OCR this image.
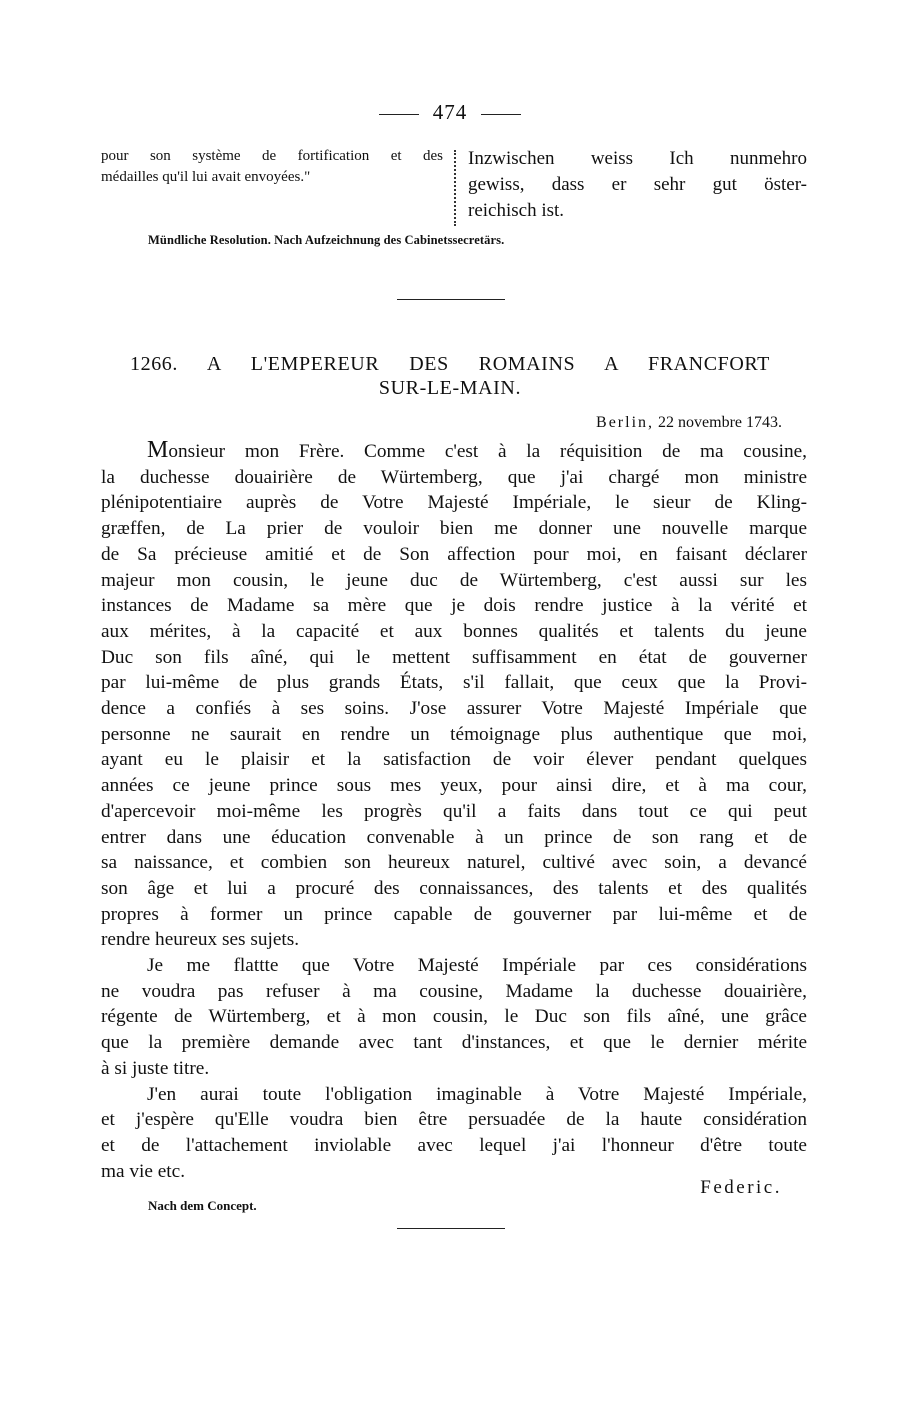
474
pour son système de fortification et des
médailles qu'il lui avait envoyées."
Inzwischen weiss Ich nunmehro
gewiss, dass er sehr gut öster-
reichisch ist.
Mündliche Resolution. Nach Aufzeichnung des Cabinetssecretärs.
1266. A L'EMPEREUR DES ROMAINS A FRANCFORT
SUR-LE-MAIN.
Berlin, 22 novembre 1743.

Monsieur mon Frère. Comme c'est à la réquisition de ma cousine,
la duchesse douairière de Würtemberg, que j'ai chargé mon ministre
plénipotentiaire auprès de Votre Majesté Impériale, le sieur de Kling-
græffen, de La prier de vouloir bien me donner une nouvelle marque
de Sa précieuse amitié et de Son affection pour moi, en faisant déclarer
majeur mon cousin, le jeune duc de Würtemberg, c'est aussi sur les
instances de Madame sa mère que je dois rendre justice à la vérité et
aux mérites, à la capacité et aux bonnes qualités et talents du jeune
Duc son fils aîné, qui le mettent suffisamment en état de gouverner
par lui-même de plus grands États, s'il fallait, que ceux que la Provi-
dence a confiés à ses soins. J'ose assurer Votre Majesté Impériale que
personne ne saurait en rendre un témoignage plus authentique que moi,
ayant eu le plaisir et la satisfaction de voir élever pendant quelques
années ce jeune prince sous mes yeux, pour ainsi dire, et à ma cour,
d'apercevoir moi-même les progrès qu'il a faits dans tout ce qui peut
entrer dans une éducation convenable à un prince de son rang et de
sa naissance, et combien son heureux naturel, cultivé avec soin, a devancé
son âge et lui a procuré des connaissances, des talents et des qualités
propres à former un prince capable de gouverner par lui-même et de
rendre heureux ses sujets.

Je me flattte que Votre Majesté Impériale par ces considérations
ne voudra pas refuser à ma cousine, Madame la duchesse douairière,
régente de Würtemberg, et à mon cousin, le Duc son fils aîné, une grâce
que la première demande avec tant d'instances, et que le dernier mérite
à si juste titre.

J'en aurai toute l'obligation imaginable à Votre Majesté Impériale,
et j'espère qu'Elle voudra bien être persuadée de la haute considération
et de l'attachement inviolable avec lequel j'ai l'honneur d'être toute
ma vie etc.

Federic.
Nach dem Concept.
